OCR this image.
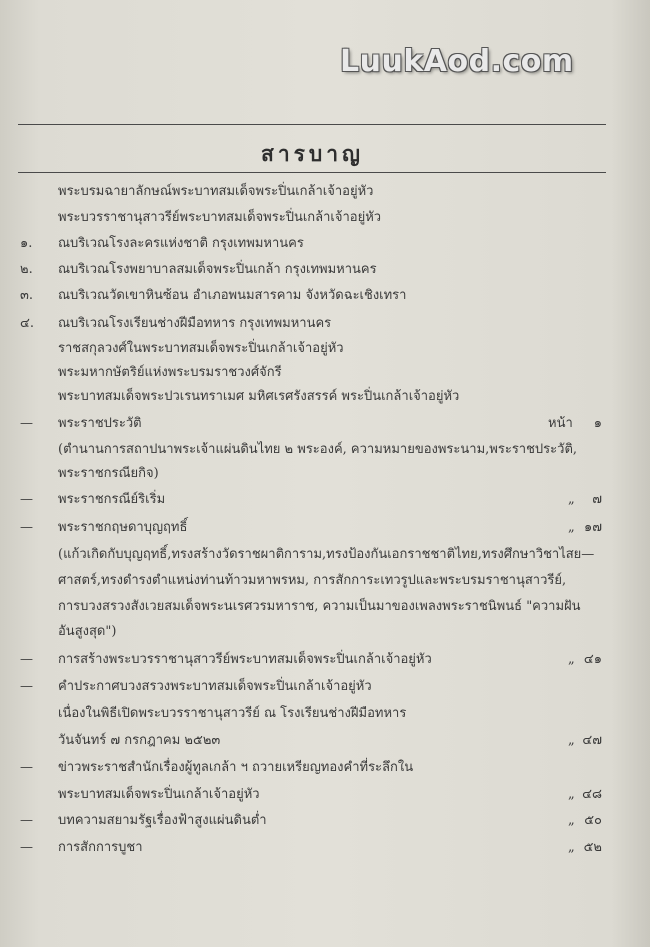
LuukAod.com
สารบาญ
พระบรมฉายาลักษณ์พระบาทสมเด็จพระปิ่นเกล้าเจ้าอยู่หัว
พระบวรราชานุสาวรีย์พระบาทสมเด็จพระปิ่นเกล้าเจ้าอยู่หัว
๑.	ณบริเวณโรงละครแห่งชาติ กรุงเทพมหานคร
๒.	ณบริเวณโรงพยาบาลสมเด็จพระปิ่นเกล้า กรุงเทพมหานคร
๓.	ณบริเวณวัดเขาหินซ้อน อำเภอพนมสารคาม จังหวัดฉะเชิงเทรา
๔.	ณบริเวณโรงเรียนช่างฝีมือทหาร กรุงเทพมหานคร
ราชสกุลวงศ์ในพระบาทสมเด็จพระปิ่นเกล้าเจ้าอยู่หัว
พระมหากษัตริย์แห่งพระบรมราชวงศ์จักรี
พระบาทสมเด็จพระปวเรนทราเมศ มหิศเรศรังสรรค์ พระปิ่นเกล้าเจ้าอยู่หัว
—	พระราชประวัติ	หน้า ๑
(ตำนานการสถาปนาพระเจ้าแผ่นดินไทย ๒ พระองค์, ความหมายของพระนาม,พระราชประวัติ,
พระราชกรณียกิจ)
—	พระราชกรณีย์ริเริ่ม	„ ๗
—	พระราชกฤษดาบุญฤทธิ์	„ ๑๗
(แก้วเกิดกับบุญฤทธิ์,ทรงสร้างวัดราชผาติการาม,ทรงป้องกันเอกราชชาติไทย,ทรงศึกษาวิชาไสย—
ศาสตร์,ทรงดำรงตำแหน่งท่านท้าวมหาพรหม, การสักการะเทวรูปและพระบรมราชานุสาวรีย์,
การบวงสรวงสังเวยสมเด็จพระนเรศวรมหาราช, ความเป็นมาของเพลงพระราชนิพนธ์ "ความฝัน
อันสูงสุด")
—	การสร้างพระบวรราชานุสาวรีย์พระบาทสมเด็จพระปิ่นเกล้าเจ้าอยู่หัว	„ ๔๑
—	คำประกาศบวงสรวงพระบาทสมเด็จพระปิ่นเกล้าเจ้าอยู่หัว
เนื่องในพิธีเปิดพระบวรราชานุสาวรีย์ ณ โรงเรียนช่างฝีมือทหาร
วันจันทร์ ๗ กรกฎาคม ๒๕๒๓	„ ๔๗
—	ข่าวพระราชสำนักเรื่องผู้ทูลเกล้า ฯ ถวายเหรียญทองคำที่ระลึกใน
พระบาทสมเด็จพระปิ่นเกล้าเจ้าอยู่หัว	„ ๔๘
—	บทความสยามรัฐเรื่องฟ้าสูงแผ่นดินต่ำ	„ ๕๐
—	การสักการบูชา	„ ๕๒
